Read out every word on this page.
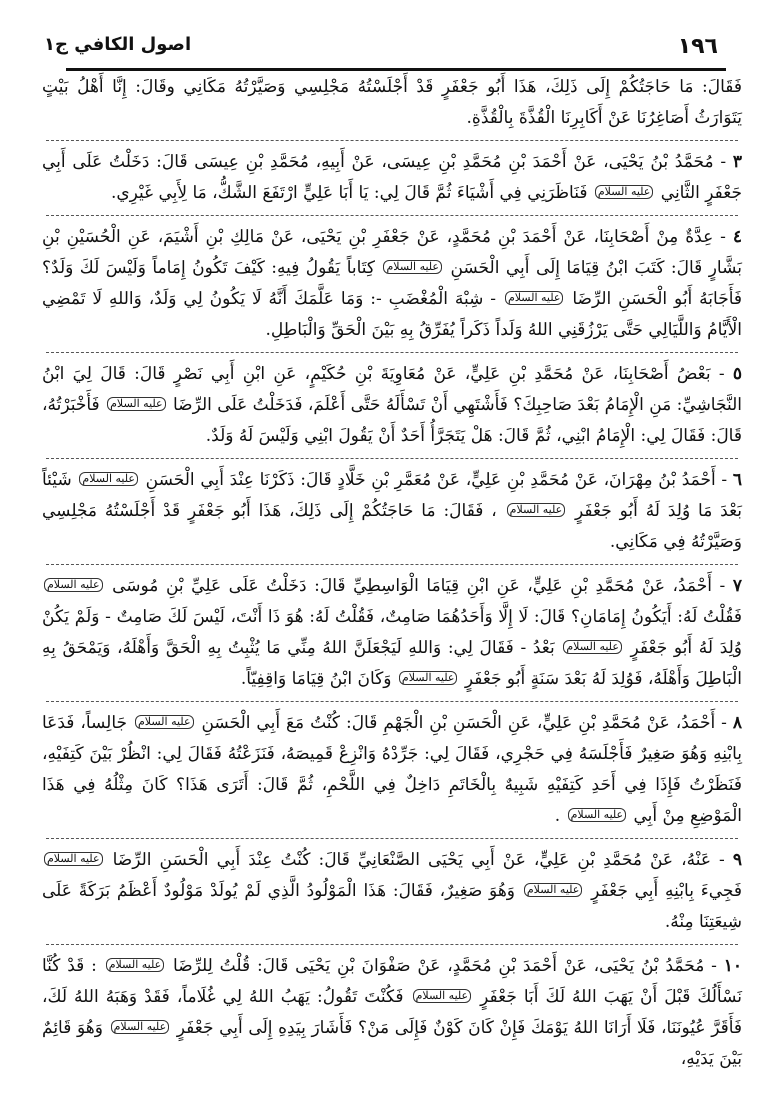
١٩٦
اصول الكافي ج١

فَقَالَ: مَا حَاجَتُكُمْ إِلَى ذَلِكَ، هَذَا أَبُو جَعْفَرٍ قَدْ أَجْلَسْتُهُ مَجْلِسِي وَصَيَّرْتُهُ مَكَانِي وقَالَ: إِنَّا أَهْلُ بَيْتٍ يَتَوَارَثُ أَصَاغِرُنَا عَنْ أَكَابِرِنَا الْقُذَّةَ بِالْقُذَّةِ.

٣ - مُحَمَّدُ بْنُ يَحْيَى، عَنْ أَحْمَدَ بْنِ مُحَمَّدِ بْنِ عِيسَى، عَنْ أَبِيهِ، مُحَمَّدِ بْنِ عِيسَى قَالَ: دَخَلْتُ عَلَى أَبِي جَعْفَرٍ الثَّانِي عليه السلام فَنَاظَرَنِي فِي أَشْيَاءَ ثُمَّ قَالَ لِي: يَا أَبَا عَلِيٍّ ارْتَفَعَ الشَّكُّ، مَا لِأَبِي غَيْرِي.

٤ - عِدَّةٌ مِنْ أَصْحَابِنَا، عَنْ أَحْمَدَ بْنِ مُحَمَّدٍ، عَنْ جَعْفَرِ بْنِ يَحْيَى، عَنْ مَالِكِ بْنِ أَشْيَمَ، عَنِ الْحُسَيْنِ بْنِ بَشَّارٍ قَالَ: كَتَبَ ابْنُ قِيَامَا إِلَى أَبِي الْحَسَنِ عليه السلام كِتَاباً يَقُولُ فِيهِ: كَيْفَ تَكُونُ إِمَاماً وَلَيْسَ لَكَ وَلَدٌ؟ فَأَجَابَهُ أَبُو الْحَسَنِ الرِّضَا عليه السلام - شِبْهَ الْمُغْضَبِ -: وَمَا عَلَّمَكَ أَنَّهُ لَا يَكُونُ لِي وَلَدٌ، وَاللهِ لَا تَمْضِي الْأَيَّامُ وَاللَّيَالِي حَتَّى يَرْزُقَنِي اللهُ وَلَداً ذَكَراً يُفَرِّقُ بِهِ بَيْنَ الْحَقِّ وَالْبَاطِلِ.

٥ - بَعْضُ أَصْحَابِنَا، عَنْ مُحَمَّدِ بْنِ عَلِيٍّ، عَنْ مُعَاوِيَةَ بْنِ حُكَيْمٍ، عَنِ ابْنِ أَبِي نَصْرٍ قَالَ: قَالَ لِيَ ابْنُ النَّجَاشِيِّ: مَنِ الْإِمَامُ بَعْدَ صَاحِبِكَ؟ فَأَشْتَهِي أَنْ تَسْأَلَهُ حَتَّى أَعْلَمَ، فَدَخَلْتُ عَلَى الرِّضَا عليه السلام فَأَخْبَرْتُهُ، قَالَ: فَقَالَ لِي: الْإِمَامُ ابْنِي، ثُمَّ قَالَ: هَلْ يَتَجَرَّأُ أَحَدٌ أَنْ يَقُولَ ابْنِي وَلَيْسَ لَهُ وَلَدٌ.

٦ - أَحْمَدُ بْنُ مِهْرَانَ، عَنْ مُحَمَّدِ بْنِ عَلِيٍّ، عَنْ مُعَمَّرِ بْنِ خَلَّادٍ قَالَ: ذَكَرْنَا عِنْدَ أَبِي الْحَسَنِ عليه السلام شَيْئاً بَعْدَ مَا وُلِدَ لَهُ أَبُو جَعْفَرٍ عليه السلام ، فَقَالَ: مَا حَاجَتُكُمْ إِلَى ذَلِكَ، هَذَا أَبُو جَعْفَرٍ قَدْ أَجْلَسْتُهُ مَجْلِسِي وَصَيَّرْتُهُ فِي مَكَانِي.

٧ - أَحْمَدُ، عَنْ مُحَمَّدِ بْنِ عَلِيٍّ، عَنِ ابْنِ قِيَامَا الْوَاسِطِيِّ قَالَ: دَخَلْتُ عَلَى عَلِيِّ بْنِ مُوسَى عليه السلام فَقُلْتُ لَهُ: أَيَكُونُ إِمَامَانِ؟ قَالَ: لَا إِلَّا وَأَحَدُهُمَا صَامِتٌ، فَقُلْتُ لَهُ: هُوَ ذَا أَنْتَ، لَيْسَ لَكَ صَامِتٌ - وَلَمْ يَكُنْ وُلِدَ لَهُ أَبُو جَعْفَرٍ عليه السلام بَعْدُ - فَقَالَ لِي: وَاللهِ لَيَجْعَلَنَّ اللهُ مِنِّي مَا يُثْبِتُ بِهِ الْحَقَّ وَأَهْلَهُ، وَيَمْحَقُ بِهِ الْبَاطِلَ وَأَهْلَهُ، فَوُلِدَ لَهُ بَعْدَ سَنَةٍ أَبُو جَعْفَرٍ عليه السلام وَكَانَ ابْنُ قِيَامَا وَاقِفِيّاً.

٨ - أَحْمَدُ، عَنْ مُحَمَّدِ بْنِ عَلِيٍّ، عَنِ الْحَسَنِ بْنِ الْجَهْمِ قَالَ: كُنْتُ مَعَ أَبِي الْحَسَنِ عليه السلام جَالِساً، فَدَعَا بِابْنِهِ وَهُوَ صَغِيرٌ فَأَجْلَسَهُ فِي حَجْرِي، فَقَالَ لِي: جَرِّدْهُ وَانْزِعْ قَمِيصَهُ، فَنَزَعْتُهُ فَقَالَ لِي: انْظُرْ بَيْنَ كَتِفَيْهِ، فَنَظَرْتُ فَإِذَا فِي أَحَدِ كَتِفَيْهِ شَبِيهٌ بِالْخَاتَمِ دَاخِلٌ فِي اللَّحْمِ، ثُمَّ قَالَ: أَتَرَى هَذَا؟ كَانَ مِثْلُهُ فِي هَذَا الْمَوْضِعِ مِنْ أَبِي عليه السلام .

٩ - عَنْهُ، عَنْ مُحَمَّدِ بْنِ عَلِيٍّ، عَنْ أَبِي يَحْيَى الصَّنْعَانِيِّ قَالَ: كُنْتُ عِنْدَ أَبِي الْحَسَنِ الرِّضَا عليه السلام فَجِيءَ بِابْنِهِ أَبِي جَعْفَرٍ عليه السلام وَهُوَ صَغِيرٌ، فَقَالَ: هَذَا الْمَوْلُودُ الَّذِي لَمْ يُولَدْ مَوْلُودٌ أَعْظَمُ بَرَكَةً عَلَى شِيعَتِنَا مِنْهُ.

١٠ - مُحَمَّدُ بْنُ يَحْيَى، عَنْ أَحْمَدَ بْنِ مُحَمَّدٍ، عَنْ صَفْوَانَ بْنِ يَحْيَى قَالَ: قُلْتُ لِلرِّضَا عليه السلام : قَدْ كُنَّا نَسْأَلُكَ قَبْلَ أَنْ يَهَبَ اللهُ لَكَ أَبَا جَعْفَرٍ عليه السلام فَكُنْتَ تَقُولُ: يَهَبُ اللهُ لِي غُلَاماً، فَقَدْ وَهَبَهُ اللهُ لَكَ، فَأَقَرَّ عُيُونَنَا، فَلَا أَرَانَا اللهُ يَوْمَكَ فَإِنْ كَانَ كَوْنٌ فَإِلَى مَنْ؟ فَأَشَارَ بِيَدِهِ إِلَى أَبِي جَعْفَرٍ عليه السلام وَهُوَ قَائِمٌ بَيْنَ يَدَيْهِ،
